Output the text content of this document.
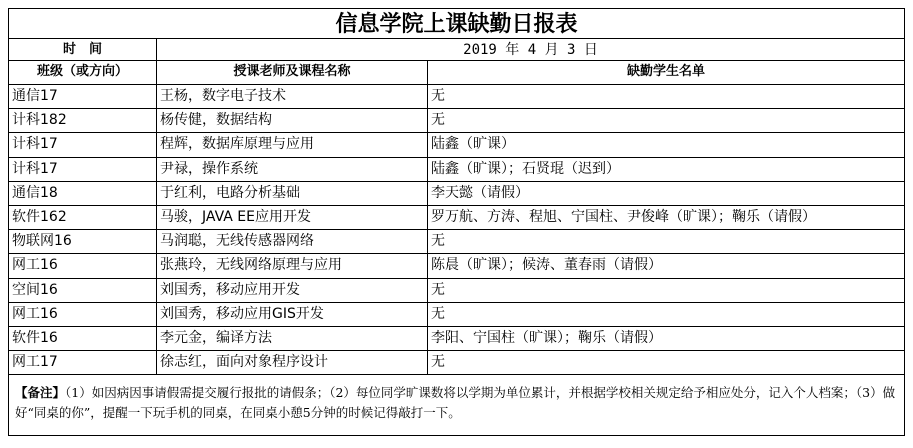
信息学院上课缺勤日报表
时　间	2019 年 4 月 3 日
班级（或方向）	授课老师及课程名称	缺勤学生名单
通信17	王杨，数字电子技术	无
计科182	杨传健，数据结构	无
计科17	程辉，数据库原理与应用	陆鑫（旷课）
计科17	尹禄，操作系统	陆鑫（旷课）；石贤琨（迟到）
通信18	于红利，电路分析基础	李天懿（请假）
软件162	马骏，JAVA EE应用开发	罗万航、方涛、程旭、宁国柱、尹俊峰（旷课）；鞠乐（请假）
物联网16	马润聪，无线传感器网络	无
网工16	张燕玲，无线网络原理与应用	陈晨（旷课）；候涛、董春雨（请假）
空间16	刘国秀，移动应用开发	无
网工16	刘国秀，移动应用GIS开发	无
软件16	李元金，编译方法	李阳、宁国柱（旷课）；鞠乐（请假）
网工17	徐志红，面向对象程序设计	无
【备注】（1）如因病因事请假需提交履行报批的请假条；（2）每位同学旷课数将以学期为单位累计，并根据学校相关规定给予相应处分，记入个人档案；（3）做好“同桌的你”，提醒一下玩手机的同桌，在同桌小憩5分钟的时候记得敲打一下。
